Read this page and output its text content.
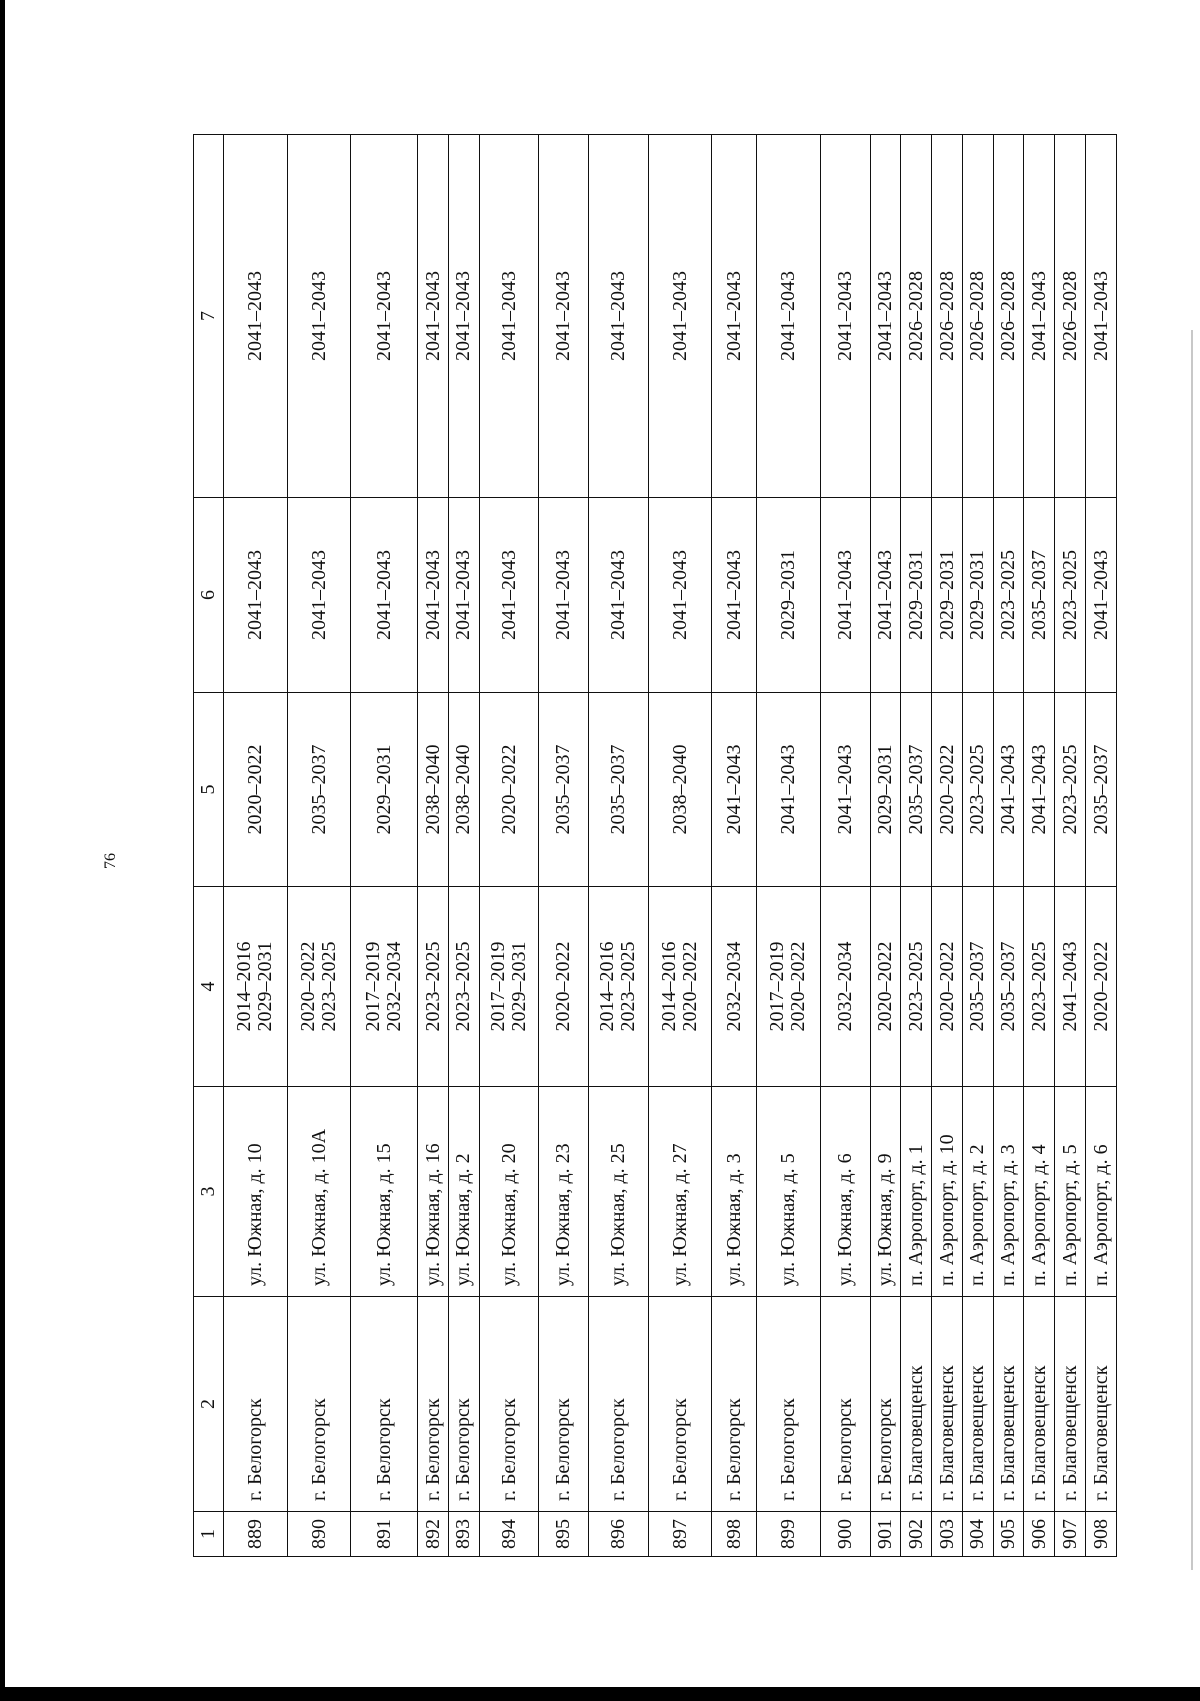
76
1	2	3	4	5	6	7
889	г. Белогорск	ул. Южная, д. 10	2014–2016 2029–2031	2020–2022	2041–2043	2041–2043
890	г. Белогорск	ул. Южная, д. 10А	2020–2022 2023–2025	2035–2037	2041–2043	2041–2043
891	г. Белогорск	ул. Южная, д. 15	2017–2019 2032–2034	2029–2031	2041–2043	2041–2043
892	г. Белогорск	ул. Южная, д. 16	2023–2025	2038–2040	2041–2043	2041–2043
893	г. Белогорск	ул. Южная, д. 2	2023–2025	2038–2040	2041–2043	2041–2043
894	г. Белогорск	ул. Южная, д. 20	2017–2019 2029–2031	2020–2022	2041–2043	2041–2043
895	г. Белогорск	ул. Южная, д. 23	2020–2022	2035–2037	2041–2043	2041–2043
896	г. Белогорск	ул. Южная, д. 25	2014–2016 2023–2025	2035–2037	2041–2043	2041–2043
897	г. Белогорск	ул. Южная, д. 27	2014–2016 2020–2022	2038–2040	2041–2043	2041–2043
898	г. Белогорск	ул. Южная, д. 3	2032–2034	2041–2043	2041–2043	2041–2043
899	г. Белогорск	ул. Южная, д. 5	2017–2019 2020–2022	2041–2043	2029–2031	2041–2043
900	г. Белогорск	ул. Южная, д. 6	2032–2034	2041–2043	2041–2043	2041–2043
901	г. Белогорск	ул. Южная, д. 9	2020–2022	2029–2031	2041–2043	2041–2043
902	г. Благовещенск	п. Аэропорт, д. 1	2023–2025	2035–2037	2029–2031	2026–2028
903	г. Благовещенск	п. Аэропорт, д. 10	2020–2022	2020–2022	2029–2031	2026–2028
904	г. Благовещенск	п. Аэропорт, д. 2	2035–2037	2023–2025	2029–2031	2026–2028
905	г. Благовещенск	п. Аэропорт, д. 3	2035–2037	2041–2043	2023–2025	2026–2028
906	г. Благовещенск	п. Аэропорт, д. 4	2023–2025	2041–2043	2035–2037	2041–2043
907	г. Благовещенск	п. Аэропорт, д. 5	2041–2043	2023–2025	2023–2025	2026–2028
908	г. Благовещенск	п. Аэропорт, д. 6	2020–2022	2035–2037	2041–2043	2041–2043
